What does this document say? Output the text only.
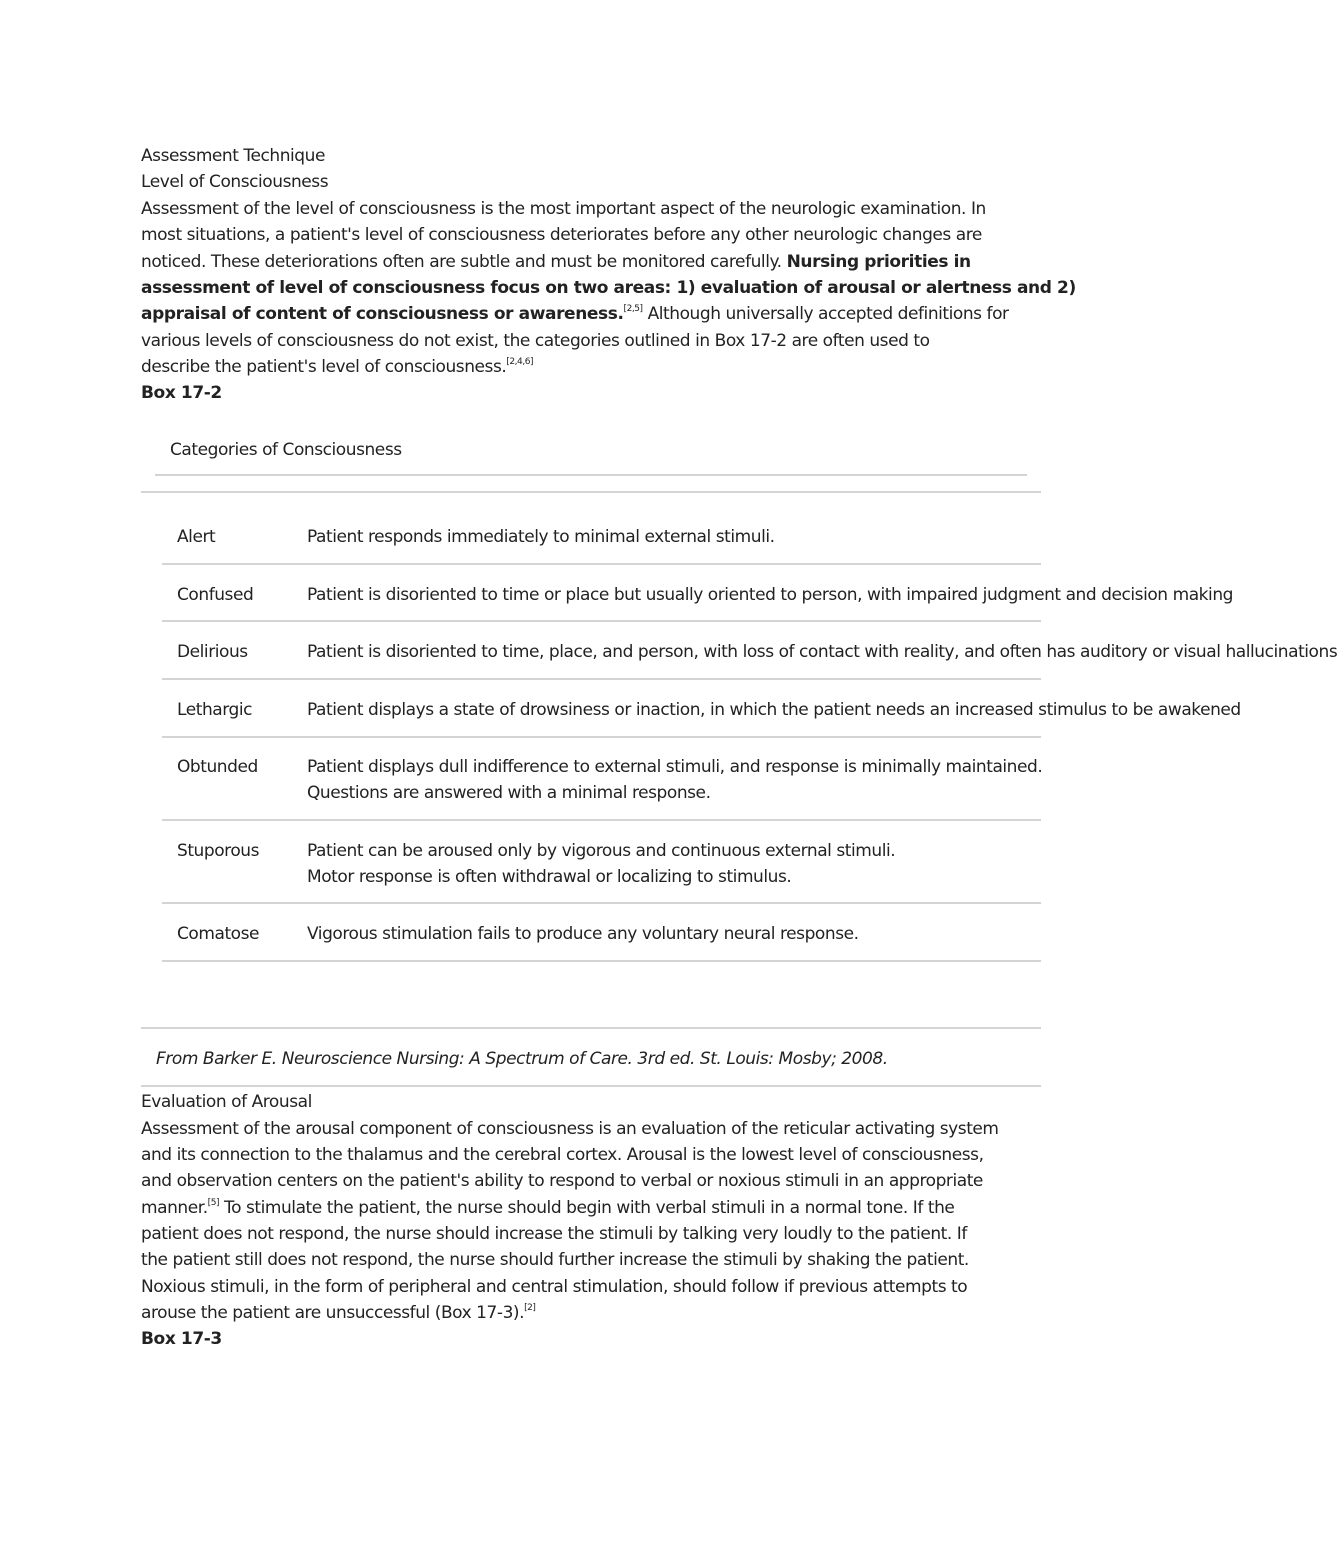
Assessment Technique
Level of Consciousness
Assessment of the level of consciousness is the most important aspect of the neurologic examination. In
most situations, a patient's level of consciousness deteriorates before any other neurologic changes are
noticed. These deteriorations often are subtle and must be monitored carefully. Nursing priorities in
assessment of level of consciousness focus on two areas: 1) evaluation of arousal or alertness and 2)
appraisal of content of consciousness or awareness.[2,5] Although universally accepted definitions for
various levels of consciousness do not exist, the categories outlined in Box 17-2 are often used to
describe the patient's level of consciousness.[2,4,6]
Box 17-2
Categories of Consciousness
Alert	Patient responds immediately to minimal external stimuli.
Confused	Patient is disoriented to time or place but usually oriented to person, with impaired judgment and decision making
Delirious	Patient is disoriented to time, place, and person, with loss of contact with reality, and often has auditory or visual hallucinations
Lethargic	Patient displays a state of drowsiness or inaction, in which the patient needs an increased stimulus to be awakened
Obtunded	Patient displays dull indifference to external stimuli, and response is minimally maintained.
Questions are answered with a minimal response.
Stuporous	Patient can be aroused only by vigorous and continuous external stimuli.
Motor response is often withdrawal or localizing to stimulus.
Comatose	Vigorous stimulation fails to produce any voluntary neural response.
From Barker E. Neuroscience Nursing: A Spectrum of Care. 3rd ed. St. Louis: Mosby; 2008.
Evaluation of Arousal
Assessment of the arousal component of consciousness is an evaluation of the reticular activating system
and its connection to the thalamus and the cerebral cortex. Arousal is the lowest level of consciousness,
and observation centers on the patient's ability to respond to verbal or noxious stimuli in an appropriate
manner.[5] To stimulate the patient, the nurse should begin with verbal stimuli in a normal tone. If the
patient does not respond, the nurse should increase the stimuli by talking very loudly to the patient. If
the patient still does not respond, the nurse should further increase the stimuli by shaking the patient.
Noxious stimuli, in the form of peripheral and central stimulation, should follow if previous attempts to
arouse the patient are unsuccessful (Box 17-3).[2]
Box 17-3
